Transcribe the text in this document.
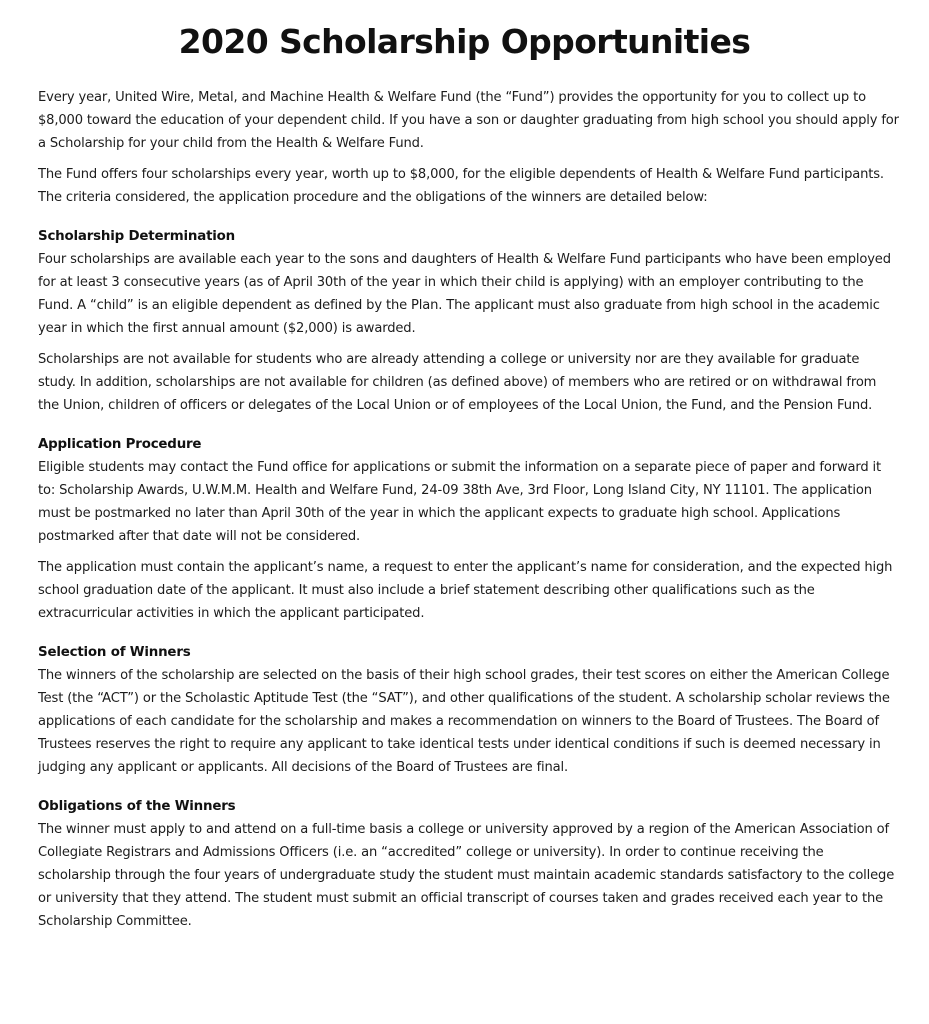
2020 Scholarship Opportunities

Every year, United Wire, Metal, and Machine Health & Welfare Fund (the “Fund”) provides the opportunity for you to collect up to $8,000 toward the education of your dependent child. If you have a son or daughter graduating from high school you should apply for a Scholarship for your child from the Health & Welfare Fund.

The Fund offers four scholarships every year, worth up to $8,000, for the eligible dependents of Health & Welfare Fund participants. The criteria considered, the application procedure and the obligations of the winners are detailed below:

Scholarship Determination

Four scholarships are available each year to the sons and daughters of Health & Welfare Fund participants who have been employed for at least 3 consecutive years (as of April 30th of the year in which their child is applying) with an employer contributing to the Fund. A “child” is an eligible dependent as defined by the Plan. The applicant must also graduate from high school in the academic year in which the first annual amount ($2,000) is awarded.

Scholarships are not available for students who are already attending a college or university nor are they available for graduate study. In addition, scholarships are not available for children (as defined above) of members who are retired or on withdrawal from the Union, children of officers or delegates of the Local Union or of employees of the Local Union, the Fund, and the Pension Fund.

Application Procedure

Eligible students may contact the Fund office for applications or submit the information on a separate piece of paper and forward it to: Scholarship Awards, U.W.M.M. Health and Welfare Fund, 24-09 38th Ave, 3rd Floor, Long Island City, NY 11101. The application must be postmarked no later than April 30th of the year in which the applicant expects to graduate high school. Applications postmarked after that date will not be considered.

The application must contain the applicant’s name, a request to enter the applicant’s name for consideration, and the expected high school graduation date of the applicant. It must also include a brief statement describing other qualifications such as the extracurricular activities in which the applicant participated.

Selection of Winners

The winners of the scholarship are selected on the basis of their high school grades, their test scores on either the American College Test (the “ACT”) or the Scholastic Aptitude Test (the “SAT”), and other qualifications of the student. A scholarship scholar reviews the applications of each candidate for the scholarship and makes a recommendation on winners to the Board of Trustees. The Board of Trustees reserves the right to require any applicant to take identical tests under identical conditions if such is deemed necessary in judging any applicant or applicants. All decisions of the Board of Trustees are final.

Obligations of the Winners

The winner must apply to and attend on a full-time basis a college or university approved by a region of the American Association of Collegiate Registrars and Admissions Officers (i.e. an “accredited” college or university). In order to continue receiving the scholarship through the four years of undergraduate study the student must maintain academic standards satisfactory to the college or university that they attend. The student must submit an official transcript of courses taken and grades received each year to the Scholarship Committee.
